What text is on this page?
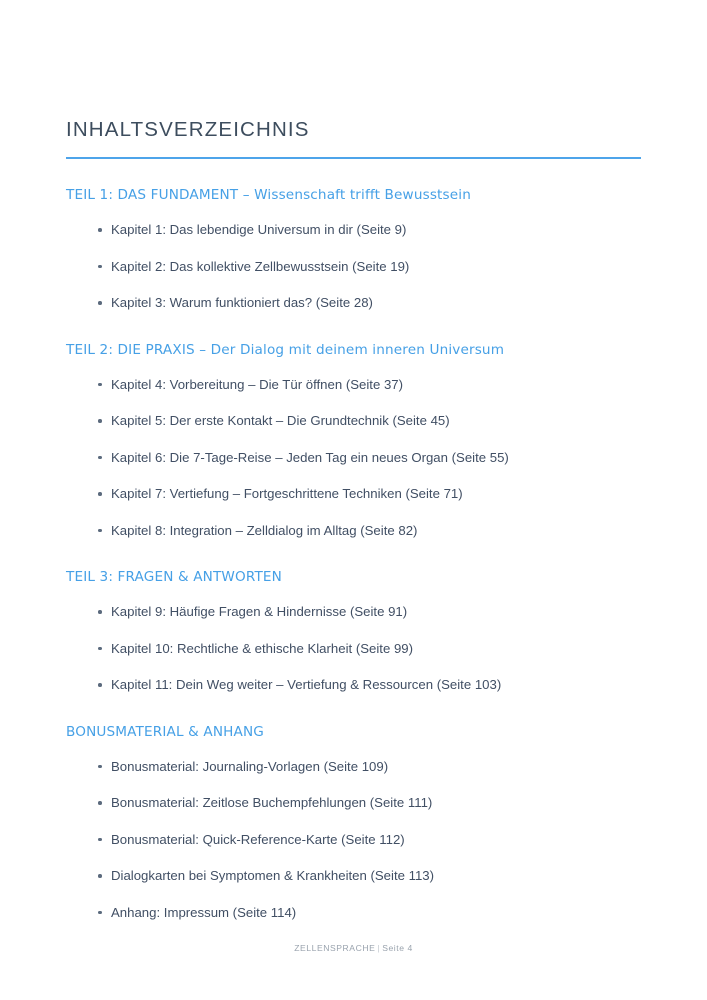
INHALTSVERZEICHNIS
TEIL 1: DAS FUNDAMENT – Wissenschaft trifft Bewusstsein
Kapitel 1: Das lebendige Universum in dir (Seite 9)
Kapitel 2: Das kollektive Zellbewusstsein (Seite 19)
Kapitel 3: Warum funktioniert das? (Seite 28)
TEIL 2: DIE PRAXIS – Der Dialog mit deinem inneren Universum
Kapitel 4: Vorbereitung – Die Tür öffnen (Seite 37)
Kapitel 5: Der erste Kontakt – Die Grundtechnik (Seite 45)
Kapitel 6: Die 7-Tage-Reise – Jeden Tag ein neues Organ (Seite 55)
Kapitel 7: Vertiefung – Fortgeschrittene Techniken (Seite 71)
Kapitel 8: Integration – Zelldialog im Alltag (Seite 82)
TEIL 3: FRAGEN & ANTWORTEN
Kapitel 9: Häufige Fragen & Hindernisse (Seite 91)
Kapitel 10: Rechtliche & ethische Klarheit (Seite 99)
Kapitel 11: Dein Weg weiter – Vertiefung & Ressourcen (Seite 103)
BONUSMATERIAL & ANHANG
Bonusmaterial: Journaling-Vorlagen (Seite 109)
Bonusmaterial: Zeitlose Buchempfehlungen (Seite 111)
Bonusmaterial: Quick-Reference-Karte (Seite 112)
Dialogkarten bei Symptomen & Krankheiten (Seite 113)
Anhang: Impressum (Seite 114)
ZELLENSPRACHE | Seite 4
